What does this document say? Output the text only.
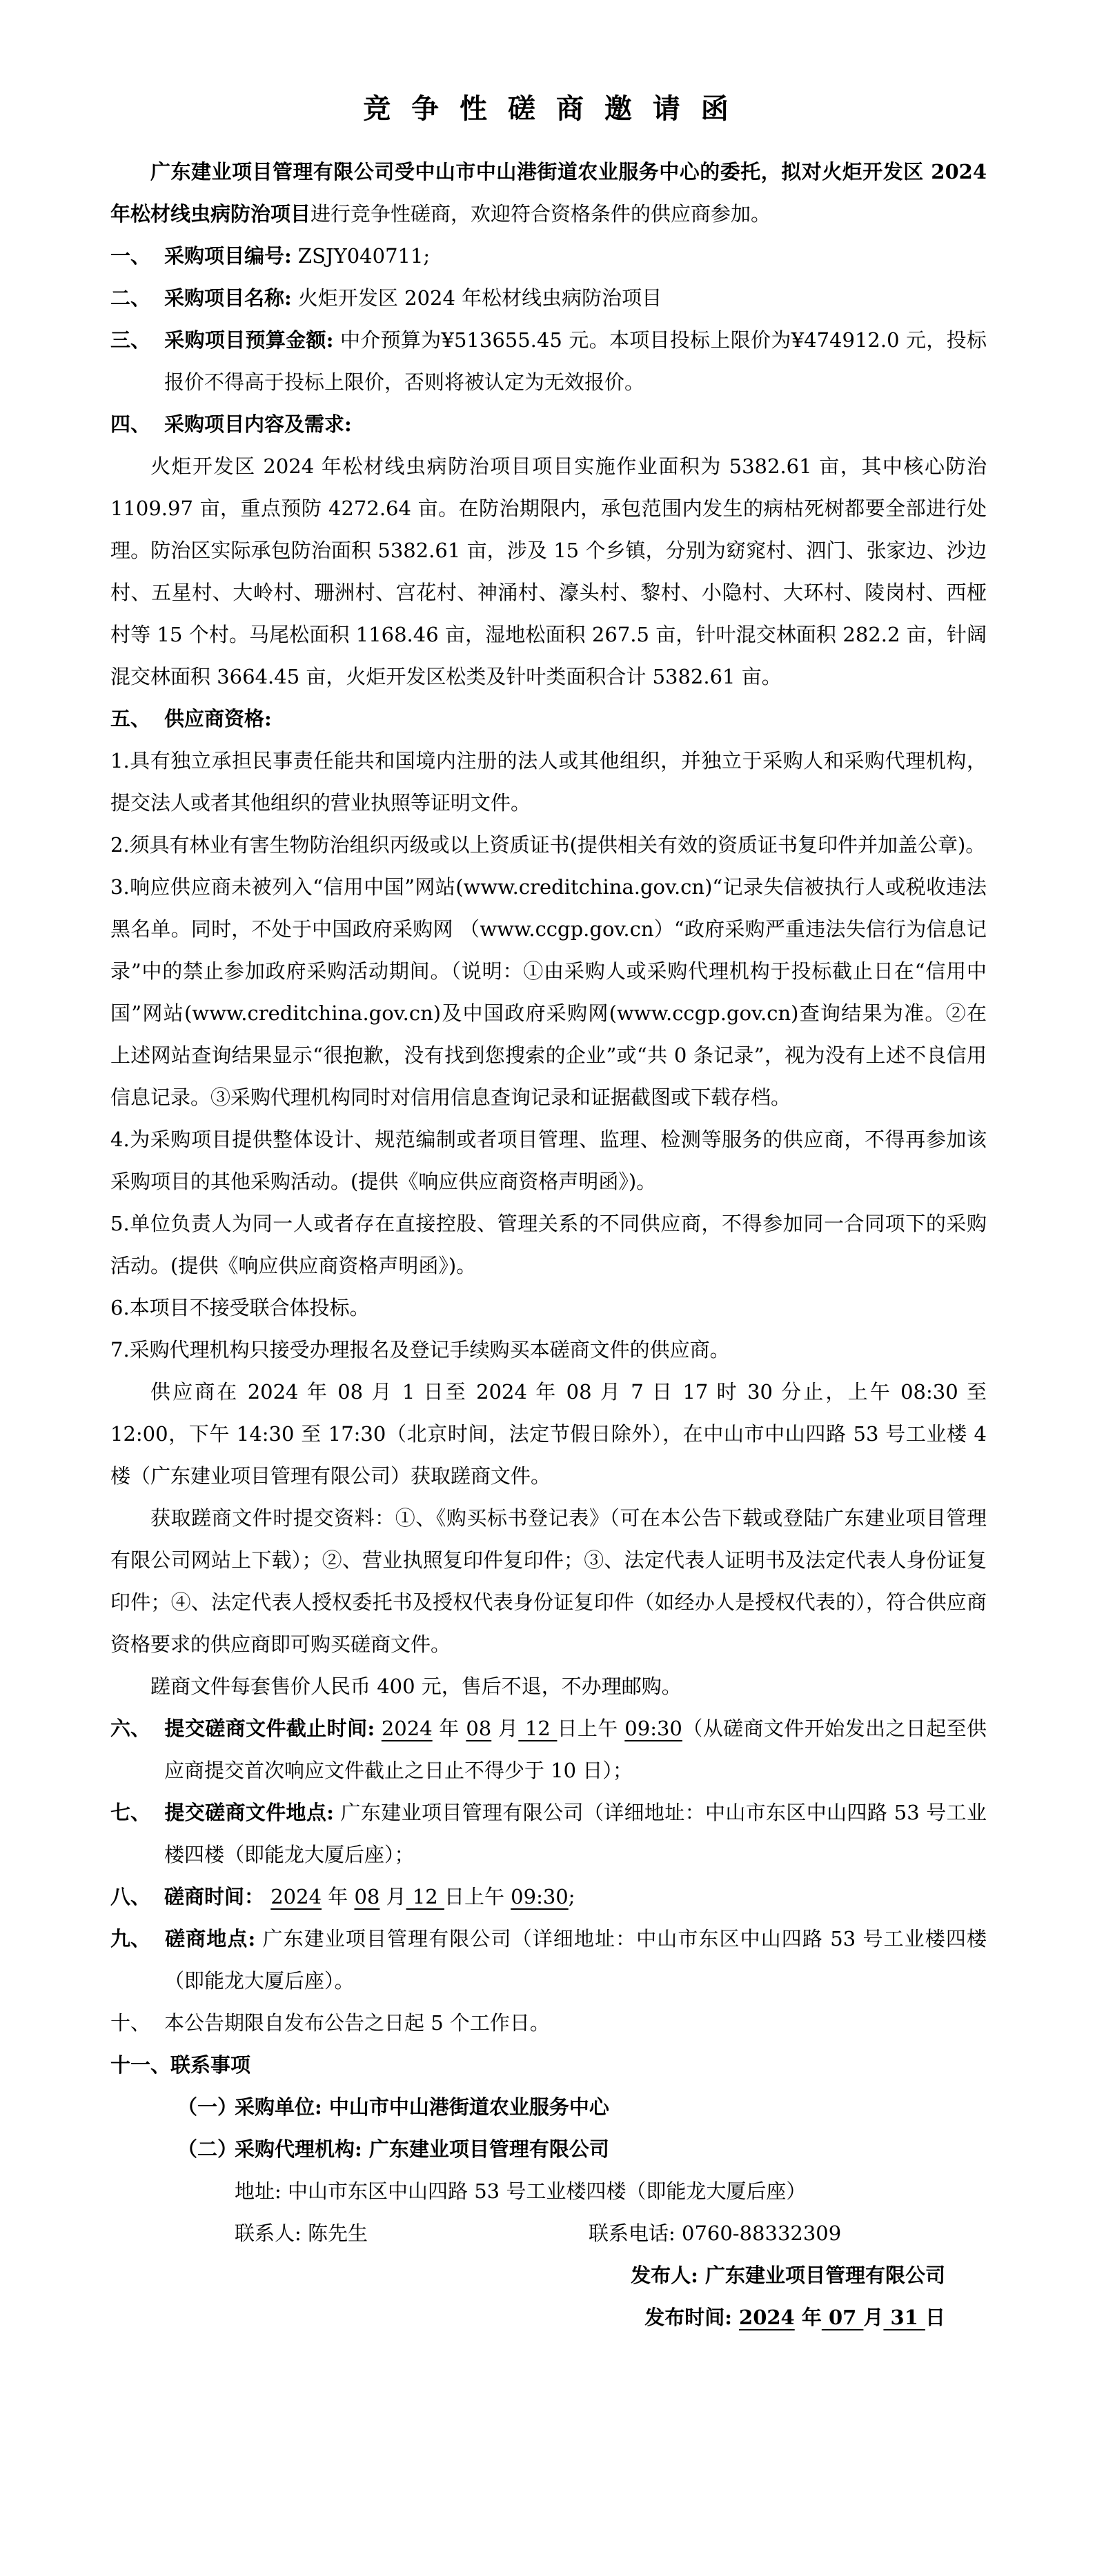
竞 争 性 磋 商 邀 请 函

广东建业项目管理有限公司受中山市中山港街道农业服务中心的委托，拟对火炬开发区 2024 年松材线虫病防治项目进行竞争性磋商，欢迎符合资格条件的供应商参加。

一、 采购项目编号: ZSJY040711;

二、 采购项目名称: 火炬开发区 2024 年松材线虫病防治项目

三、 采购项目预算金额: 中介预算为¥513655.45 元。本项目投标上限价为¥474912.0 元，投标报价不得高于投标上限价，否则将被认定为无效报价。

四、 采购项目内容及需求:

火炬开发区 2024 年松材线虫病防治项目项目实施作业面积为 5382.61 亩，其中核心防治 1109.97 亩，重点预防 4272.64 亩。在防治期限内，承包范围内发生的病枯死树都要全部进行处理。防治区实际承包防治面积 5382.61 亩，涉及 15 个乡镇，分别为窈窕村、泗门、张家边、沙边村、五星村、大岭村、珊洲村、宫花村、神涌村、濠头村、黎村、小隐村、大环村、陵岗村、西桠村等 15 个村。马尾松面积 1168.46 亩，湿地松面积 267.5 亩，针叶混交林面积 282.2 亩，针阔混交林面积 3664.45 亩，火炬开发区松类及针叶类面积合计 5382.61 亩。

五、 供应商资格:

1.具有独立承担民事责任能共和国境内注册的法人或其他组织，并独立于采购人和采购代理机构，提交法人或者其他组织的营业执照等证明文件。

2.须具有林业有害生物防治组织丙级或以上资质证书(提供相关有效的资质证书复印件并加盖公章)。

3.响应供应商未被列入“信用中国”网站(www.creditchina.gov.cn)“记录失信被执行人或税收违法黑名单。同时，不处于中国政府采购网 （www.ccgp.gov.cn）“政府采购严重违法失信行为信息记录”中的禁止参加政府采购活动期间。（说明：①由采购人或采购代理机构于投标截止日在“信用中国”网站(www.creditchina.gov.cn)及中国政府采购网(www.ccgp.gov.cn)查询结果为准。②在上述网站查询结果显示“很抱歉，没有找到您搜索的企业”或“共 0 条记录”，视为没有上述不良信用信息记录。③采购代理机构同时对信用信息查询记录和证据截图或下载存档。

4.为采购项目提供整体设计、规范编制或者项目管理、监理、检测等服务的供应商，不得再参加该采购项目的其他采购活动。(提供《响应供应商资格声明函》)。

5.单位负责人为同一人或者存在直接控股、管理关系的不同供应商，不得参加同一合同项下的采购活动。(提供《响应供应商资格声明函》)。

6.本项目不接受联合体投标。

7.采购代理机构只接受办理报名及登记手续购买本磋商文件的供应商。

供应商在 2024 年 08 月 1 日至 2024 年 08 月 7 日 17 时 30 分止，上午 08:30 至 12:00，下午 14:30 至 17:30（北京时间，法定节假日除外），在中山市中山四路 53 号工业楼 4 楼（广东建业项目管理有限公司）获取蹉商文件。

获取蹉商文件时提交资料：①、《购买标书登记表》（可在本公告下载或登陆广东建业项目管理有限公司网站上下载）；②、营业执照复印件复印件；③、法定代表人证明书及法定代表人身份证复印件；④、法定代表人授权委托书及授权代表身份证复印件（如经办人是授权代表的），符合供应商资格要求的供应商即可购买磋商文件。

蹉商文件每套售价人民币 400 元，售后不退，不办理邮购。

六、 提交磋商文件截止时间: 2024 年 08 月 12 日上午 09:30（从磋商文件开始发出之日起至供应商提交首次响应文件截止之日止不得少于 10 日）；

七、 提交磋商文件地点: 广东建业项目管理有限公司（详细地址：中山市东区中山四路 53 号工业楼四楼（即能龙大厦后座）；

八、 磋商时间： 2024 年 08 月 12 日上午 09:30;

九、 磋商地点: 广东建业项目管理有限公司（详细地址：中山市东区中山四路 53 号工业楼四楼（即能龙大厦后座）。

十、 本公告期限自发布公告之日起 5 个工作日。

十一、联系事项

（一）采购单位: 中山市中山港街道农业服务中心

（二）采购代理机构: 广东建业项目管理有限公司

地址: 中山市东区中山四路 53 号工业楼四楼（即能龙大厦后座）

联系人: 陈先生	联系电话: 0760-88332309

发布人: 广东建业项目管理有限公司

发布时间: 2024 年 07 月 31 日
